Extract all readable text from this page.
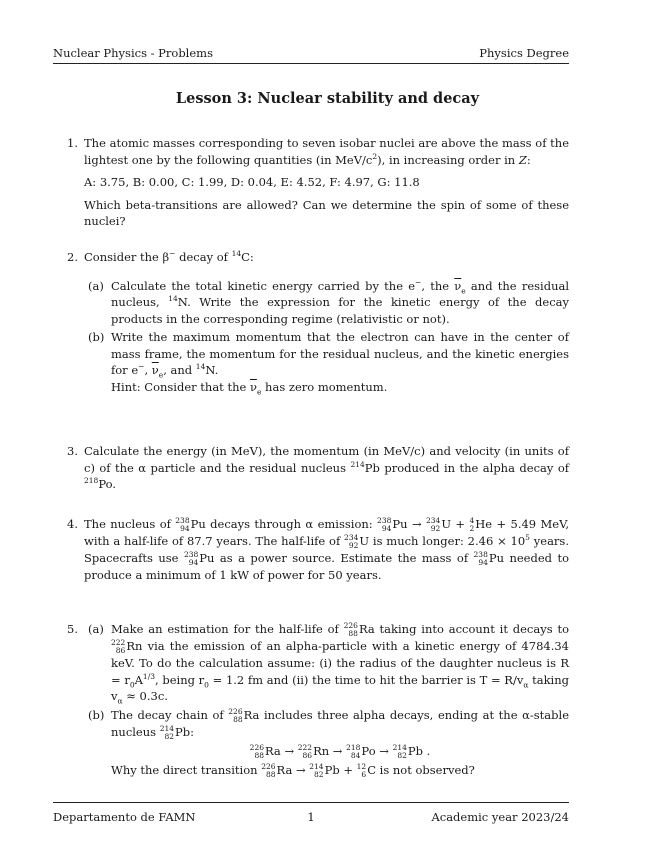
Nuclear Physics - Problems	Physics Degree
Lesson 3: Nuclear stability and decay
1. The atomic masses corresponding to seven isobar nuclei are above the mass of the lightest one by the following quantities (in MeV/$c^2$), in increasing order in Z:

A: 3.75, B: 0.00, C: 1.99, D: 0.04, E: 4.52, F: 4.97, G: 11.8

Which beta-transitions are allowed? Can we determine the spin of some of these nuclei?

2. Consider the β− decay of $^{14}$C:

(a) Calculate the total kinetic energy carried by the e−, the $\overline{\nu}_e$ and the residual nucleus, $^{14}$N. Write the expression for the kinetic energy of the decay products in the corresponding regime (relativistic or not).
(b) Write the maximum momentum that the electron can have in the center of mass frame, the momentum for the residual nucleus, and the kinetic energies for e−, $\overline{\nu}_e$, and $^{14}$N.
Hint: Consider that the $\overline{\nu}_e$ has zero momentum.
3. Calculate the energy (in MeV), the momentum (in MeV/c) and velocity (in units of c) of the α particle and the residual nucleus $^{214}$Pb produced in the alpha decay of $^{218}$Po.

4. The nucleus of 238
94 Pu decays through α emission: 238
94 Pu → 234
92 U + 4
2 He + 5.49 MeV, with a half-life of 87.7 years. The half-life of 234
92 U is much longer: $2.46 \times 10^5$ years. Spacecrafts use 238
94 Pu as a power source. Estimate the mass of 238
94 Pu needed to produce a minimum of 1 kW of power for 50 years.

5. (a) Make an estimation for the half-life of 226
88 Ra taking into account it decays to
222
86 Rn via the emission of an alpha-particle with a kinetic energy of 4784.34 keV. To do the calculation assume: (i) the radius of the daughter nucleus is $R = r_0A^{1/3}$, being $r_0 = 1.2$ fm and (ii) the time to hit the barrier is $T = R/v_\alpha$ taking $v_\alpha \approx 0.3c$.
(b) The decay chain of 226
88 Ra includes three alpha decays, ending at the α-stable nucleus 214
82 Pb:
226
88 Ra → 222
86 Rn → 218
84 Po → 214
82 Pb .
Why the direct transition 226
88 Ra → 214
82 Pb + 12
6 C is not observed?
Departamento de FAMN	1	Academic year 2023/24
